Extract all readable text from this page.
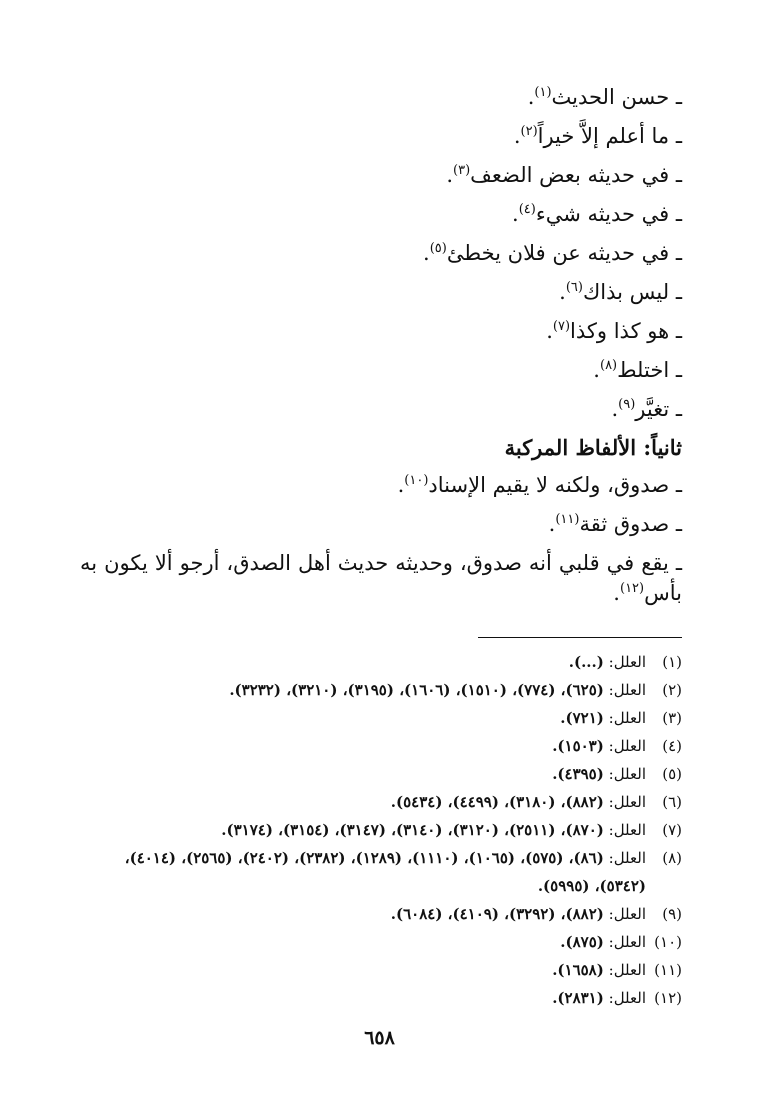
ـ حسن الحديث$^{(١)}$.
ـ ما أعلم إلاَّ خيراً$^{(٢)}$.
ـ في حديثه بعض الضعف$^{(٣)}$.
ـ في حديثه شيء$^{(٤)}$.
ـ في حديثه عن فلان يخطئ$^{(٥)}$.
ـ ليس بذاك$^{(٦)}$.
ـ هو كذا وكذا$^{(٧)}$.
ـ اختلط$^{(٨)}$.
ـ تغيَّر$^{(٩)}$.
ثانياً: الألفاظ المركبة
ـ صدوق، ولكنه لا يقيم الإسناد$^{(١٠)}$.
ـ صدوق ثقة$^{(١١)}$.
ـ يقع في قلبي أنه صدوق، وحديثه حديث أهل الصدق، أرجو ألا يكون به بأس$^{(١٢)}$.
(١)
العلل: (...).
(٢)
العلل: (٦٢٥)، (٧٧٤)، (١٥١٠)، (١٦٠٦)، (٣١٩٥)، (٣٢١٠)، (٣٢٣٢).
(٣)
العلل: (٧٢١).
(٤)
العلل: (١٥٠٣).
(٥)
العلل: (٤٣٩٥).
(٦)
العلل: (٨٨٢)، (٣١٨٠)، (٤٤٩٩)، (٥٤٣٤).
(٧)
العلل: (٨٧٠)، (٢٥١١)، (٣١٢٠)، (٣١٤٠)، (٣١٤٧)، (٣١٥٤)، (٣١٧٤).
(٨)
العلل: (٨٦)، (٥٧٥)، (١٠٦٥)، (١١١٠)، (١٢٨٩)، (٢٣٨٢)، (٢٤٠٢)، (٢٥٦٥)، (٤٠١٤)، (٥٣٤٢)، (٥٩٩٥).
(٩)
العلل: (٨٨٢)، (٣٢٩٢)، (٤١٠٩)، (٦٠٨٤).
(١٠)
العلل: (٨٧٥).
(١١)
العلل: (١٦٥٨).
(١٢)
العلل: (٢٨٣١).
٦٥٨
